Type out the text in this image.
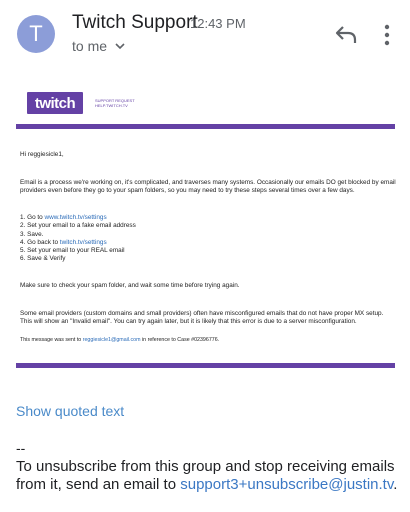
T	Twitch Support
12:43 PM
to me
twitch	SUPPORT REQUEST
HELP.TWITCH.TV
Hi reggiesicle1,
Email is a process we're working on, it's complicated, and traverses many systems. Occasionally our emails DO get blocked by email providers even before they go to your spam folders, so you may need to try these steps several times over a few days.
1. Go to www.twitch.tv/settings
2. Set your email to a fake email address
3. Save.
4. Go back to twitch.tv/settings
5. Set your email to your REAL email
6. Save & Verify
Make sure to check your spam folder, and wait some time before trying again.
Some email providers (custom domains and small providers) often have misconfigured emails that do not have proper MX setup. This will show an "Invalid email". You can try again later, but it is likely that this error is due to a server misconfiguration.
This message was sent to reggiesicle1@gmail.com in reference to Case #02396776.
Show quoted text
--
To unsubscribe from this group and stop receiving emails from it, send an email to support3+unsubscribe@justin.tv.
